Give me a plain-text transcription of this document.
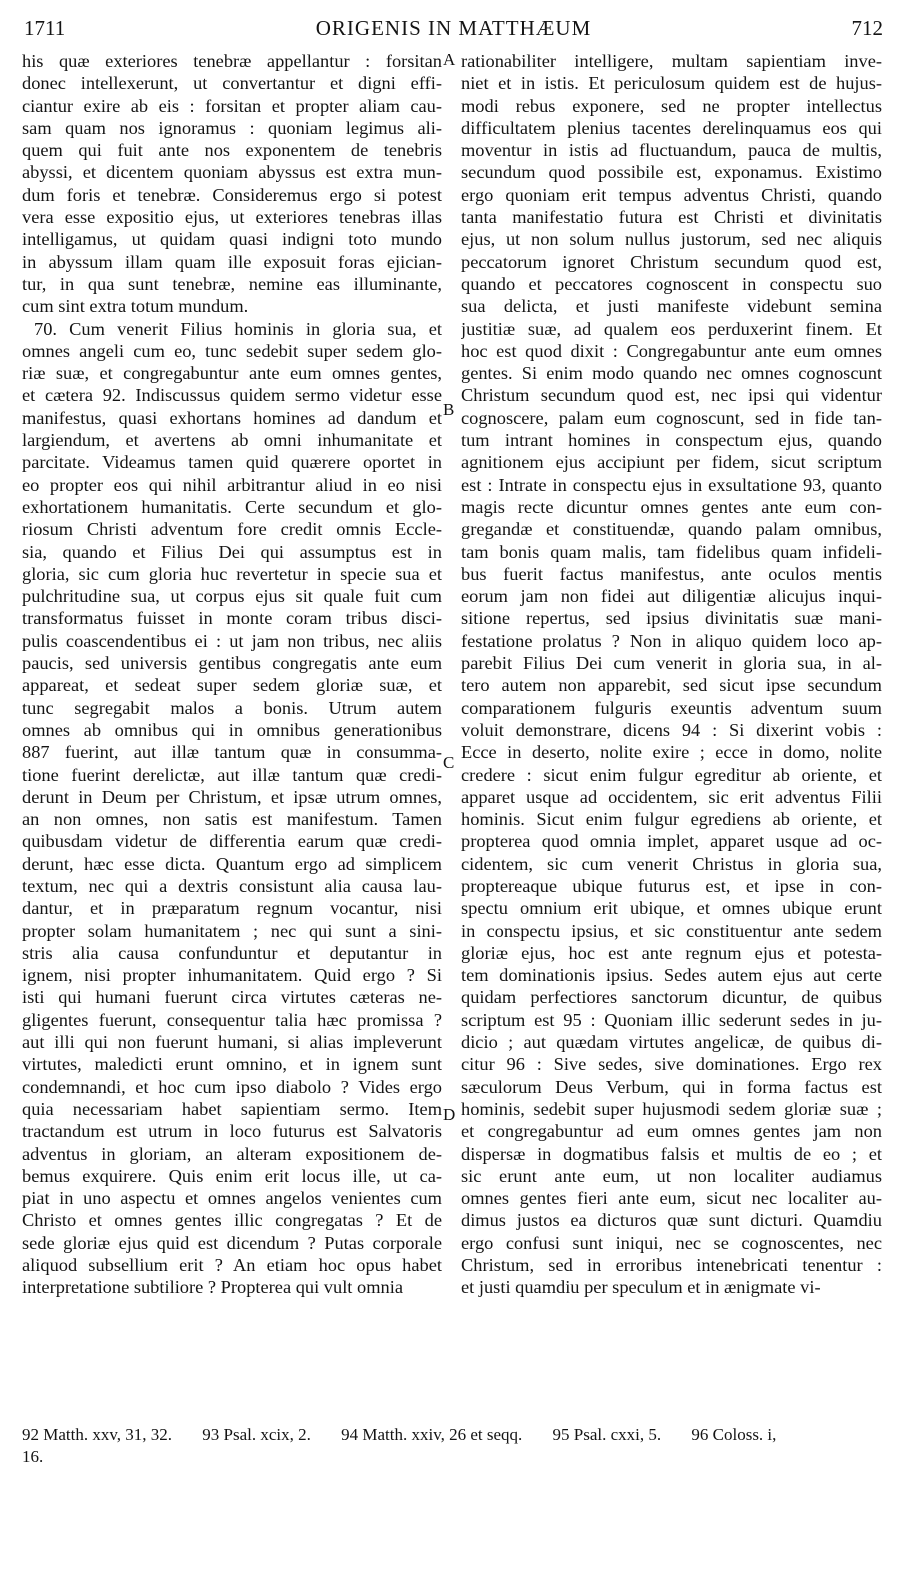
1711	ORIGENIS IN MATTHÆUM	712
his quæ exteriores tenebræ appellantur : forsitan
donec intellexerunt, ut convertantur et digni effi-
ciantur exire ab eis : forsitan et propter aliam cau-
sam quam nos ignoramus : quoniam legimus ali-
quem qui fuit ante nos exponentem de tenebris
abyssi, et dicentem quoniam abyssus est extra mun-
dum foris et tenebræ. Consideremus ergo si potest
vera esse expositio ejus, ut exteriores tenebras illas
intelligamus, ut quidam quasi indigni toto mundo
in abyssum illam quam ille exposuit foras ejician-
tur, in qua sunt tenebræ, nemine eas illuminante,
cum sint extra totum mundum.
70. Cum venerit Filius hominis in gloria sua, et
omnes angeli cum eo, tunc sedebit super sedem glo-
riæ suæ, et congregabuntur ante eum omnes gentes,
et cætera 92. Indiscussus quidem sermo videtur esse
manifestus, quasi exhortans homines ad dandum et
largiendum, et avertens ab omni inhumanitate et
parcitate. Videamus tamen quid quærere oportet in
eo propter eos qui nihil arbitrantur aliud in eo nisi
exhortationem humanitatis. Certe secundum et glo-
riosum Christi adventum fore credit omnis Eccle-
sia, quando et Filius Dei qui assumptus est in
gloria, sic cum gloria huc revertetur in specie sua et
pulchritudine sua, ut corpus ejus sit quale fuit cum
transformatus fuisset in monte coram tribus disci-
pulis coascendentibus ei : ut jam non tribus, nec aliis
paucis, sed universis gentibus congregatis ante eum
appareat, et sedeat super sedem gloriæ suæ, et
tunc segregabit malos a bonis. Utrum autem
omnes ab omnibus qui in omnibus generationibus
887 fuerint, aut illæ tantum quæ in consumma-
tione fuerint derelictæ, aut illæ tantum quæ credi-
derunt in Deum per Christum, et ipsæ utrum omnes,
an non omnes, non satis est manifestum. Tamen
quibusdam videtur de differentia earum quæ credi-
derunt, hæc esse dicta. Quantum ergo ad simplicem
textum, nec qui a dextris consistunt alia causa lau-
dantur, et in præparatum regnum vocantur, nisi
propter solam humanitatem ; nec qui sunt a sini-
stris alia causa confunduntur et deputantur in
ignem, nisi propter inhumanitatem. Quid ergo ? Si
isti qui humani fuerunt circa virtutes cæteras ne-
gligentes fuerunt, consequentur talia hæc promissa ?
aut illi qui non fuerunt humani, si alias impleverunt
virtutes, maledicti erunt omnino, et in ignem sunt
condemnandi, et hoc cum ipso diabolo ? Vides ergo
quia necessariam habet sapientiam sermo. Item
tractandum est utrum in loco futurus est Salvatoris
adventus in gloriam, an alteram expositionem de-
bemus exquirere. Quis enim erit locus ille, ut ca-
piat in uno aspectu et omnes angelos venientes cum
Christo et omnes gentes illic congregatas ? Et de
sede gloriæ ejus quid est dicendum ? Putas corporale
aliquod subsellium erit ? An etiam hoc opus habet
interpretatione subtiliore ? Propterea qui vult omnia
rationabiliter intelligere, multam sapientiam inve-
niet et in istis. Et periculosum quidem est de hujus-
modi rebus exponere, sed ne propter intellectus
difficultatem plenius tacentes derelinquamus eos qui
moventur in istis ad fluctuandum, pauca de multis,
secundum quod possibile est, exponamus. Existimo
ergo quoniam erit tempus adventus Christi, quando
tanta manifestatio futura est Christi et divinitatis
ejus, ut non solum nullus justorum, sed nec aliquis
peccatorum ignoret Christum secundum quod est,
quando et peccatores cognoscent in conspectu suo
sua delicta, et justi manifeste videbunt semina
justitiæ suæ, ad qualem eos perduxerint finem. Et
hoc est quod dixit : Congregabuntur ante eum omnes
gentes. Si enim modo quando nec omnes cognoscunt
Christum secundum quod est, nec ipsi qui videntur
cognoscere, palam eum cognoscunt, sed in fide tan-
tum intrant homines in conspectum ejus, quando
agnitionem ejus accipiunt per fidem, sicut scriptum
est : Intrate in conspectu ejus in exsultatione 93, quanto
magis recte dicuntur omnes gentes ante eum con-
gregandæ et constituendæ, quando palam omnibus,
tam bonis quam malis, tam fidelibus quam infideli-
bus fuerit factus manifestus, ante oculos mentis
eorum jam non fidei aut diligentiæ alicujus inqui-
sitione repertus, sed ipsius divinitatis suæ mani-
festatione prolatus ? Non in aliquo quidem loco ap-
parebit Filius Dei cum venerit in gloria sua, in al-
tero autem non apparebit, sed sicut ipse secundum
comparationem fulguris exeuntis adventum suum
voluit demonstrare, dicens 94 : Si dixerint vobis :
Ecce in deserto, nolite exire ; ecce in domo, nolite
credere : sicut enim fulgur egreditur ab oriente, et
apparet usque ad occidentem, sic erit adventus Filii
hominis. Sicut enim fulgur egrediens ab oriente, et
propterea quod omnia implet, apparet usque ad oc-
cidentem, sic cum venerit Christus in gloria sua,
proptereaque ubique futurus est, et ipse in con-
spectu omnium erit ubique, et omnes ubique erunt
in conspectu ipsius, et sic constituentur ante sedem
gloriæ ejus, hoc est ante regnum ejus et potesta-
tem dominationis ipsius. Sedes autem ejus aut certe
quidam perfectiores sanctorum dicuntur, de quibus
scriptum est 95 : Quoniam illic sederunt sedes in ju-
dicio ; aut quædam virtutes angelicæ, de quibus di-
citur 96 : Sive sedes, sive dominationes. Ergo rex
sæculorum Deus Verbum, qui in forma factus est
hominis, sedebit super hujusmodi sedem gloriæ suæ ;
et congregabuntur ad eum omnes gentes jam non
dispersæ in dogmatibus falsis et multis de eo ; et
sic erunt ante eum, ut non localiter audiamus
omnes gentes fieri ante eum, sicut nec localiter au-
dimus justos ea dicturos quæ sunt dicturi. Quamdiu
ergo confusi sunt iniqui, nec se cognoscentes, nec
Christum, sed in erroribus intenebricati tenentur :
et justi quamdiu per speculum et in ænigmate vi-
A
B
C
D
92 Matth. xxv, 31, 32. 93 Psal. xcix, 2. 94 Matth. xxiv, 26 et seqq. 95 Psal. cxxi, 5. 96 Coloss. i,
16.
